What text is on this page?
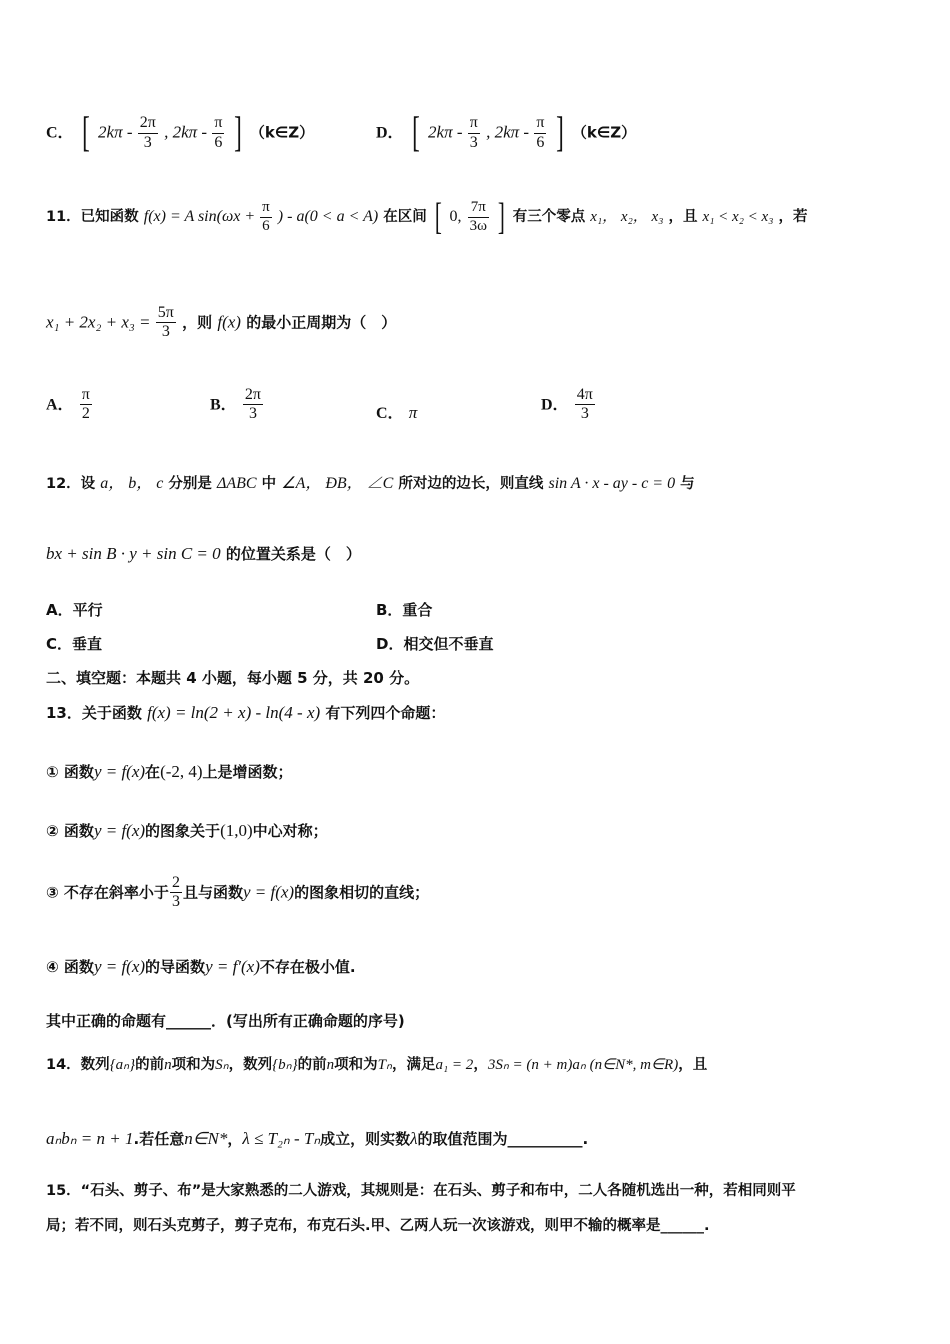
C． [ $2k\pi - \frac{2\pi}{3}$ , $2k\pi - \frac{\pi}{6}$ ] （k∈Z）	D． [ $2k\pi - \frac{\pi}{3}$ , $2k\pi - \frac{\pi}{6}$ ] （k∈Z）
11．已知函数 f(x) = A $\sin(\omega x + \frac{\pi}{6}$ ) - a(0 < a < A) 在区间 [ 0, $\frac{7\pi}{3\omega}$ ] 有三个零点 x₁， x₂， x₃ ，且 x₁ < x₂ < x₃ ，若
$x_1 + 2x_2 + x_3 = \frac{5\pi}{3}$ ，则 f(x) 的最小正周期为（　）
A． $\frac{\pi}{2}$	B． $\frac{2\pi}{3}$	C． π	D． $\frac{4\pi}{3}$
12．设 a， b， c 分别是 ΔABC 中 ∠A， ÐB， ∠C 所对边的边长，则直线 sin A · x - ay - c = 0 与
bx + sin B · y + sin C = 0 的位置关系是（　）
A．平行	B．重合
C．垂直	D．相交但不垂直
二、填空题：本题共 4 小题，每小题 5 分，共 20 分。
13．关于函数 f(x) = ln(2 + x) - ln(4 - x) 有下列四个命题：
① 函数y = f(x)在(-2, 4)上是增函数；
② 函数y = f(x)的图象关于(1,0)中心对称；
③ 不存在斜率小于 $\frac{2}{3}$ 且与函数y = f(x)的图象相切的直线；
④ 函数y = f(x)的导函数y = f′(x)不存在极小值.
其中正确的命题有______．(写出所有正确命题的序号)
14．数列{aₙ}的前n项和为Sₙ，数列{bₙ}的前n项和为Tₙ，满足a₁ = 2，3Sₙ = (n + m)aₙ (n∈N*, m∈R)，且
aₙbₙ = n + 1.若任意n∈N*，λ ≤ T₂ₙ - Tₙ成立，则实数λ的取值范围为__________.
15．“石头、剪子、布”是大家熟悉的二人游戏，其规则是：在石头、剪子和布中，二人各随机选出一种，若相同则平
局；若不同，则石头克剪子，剪子克布，布克石头.甲、乙两人玩一次该游戏，则甲不输的概率是______.
